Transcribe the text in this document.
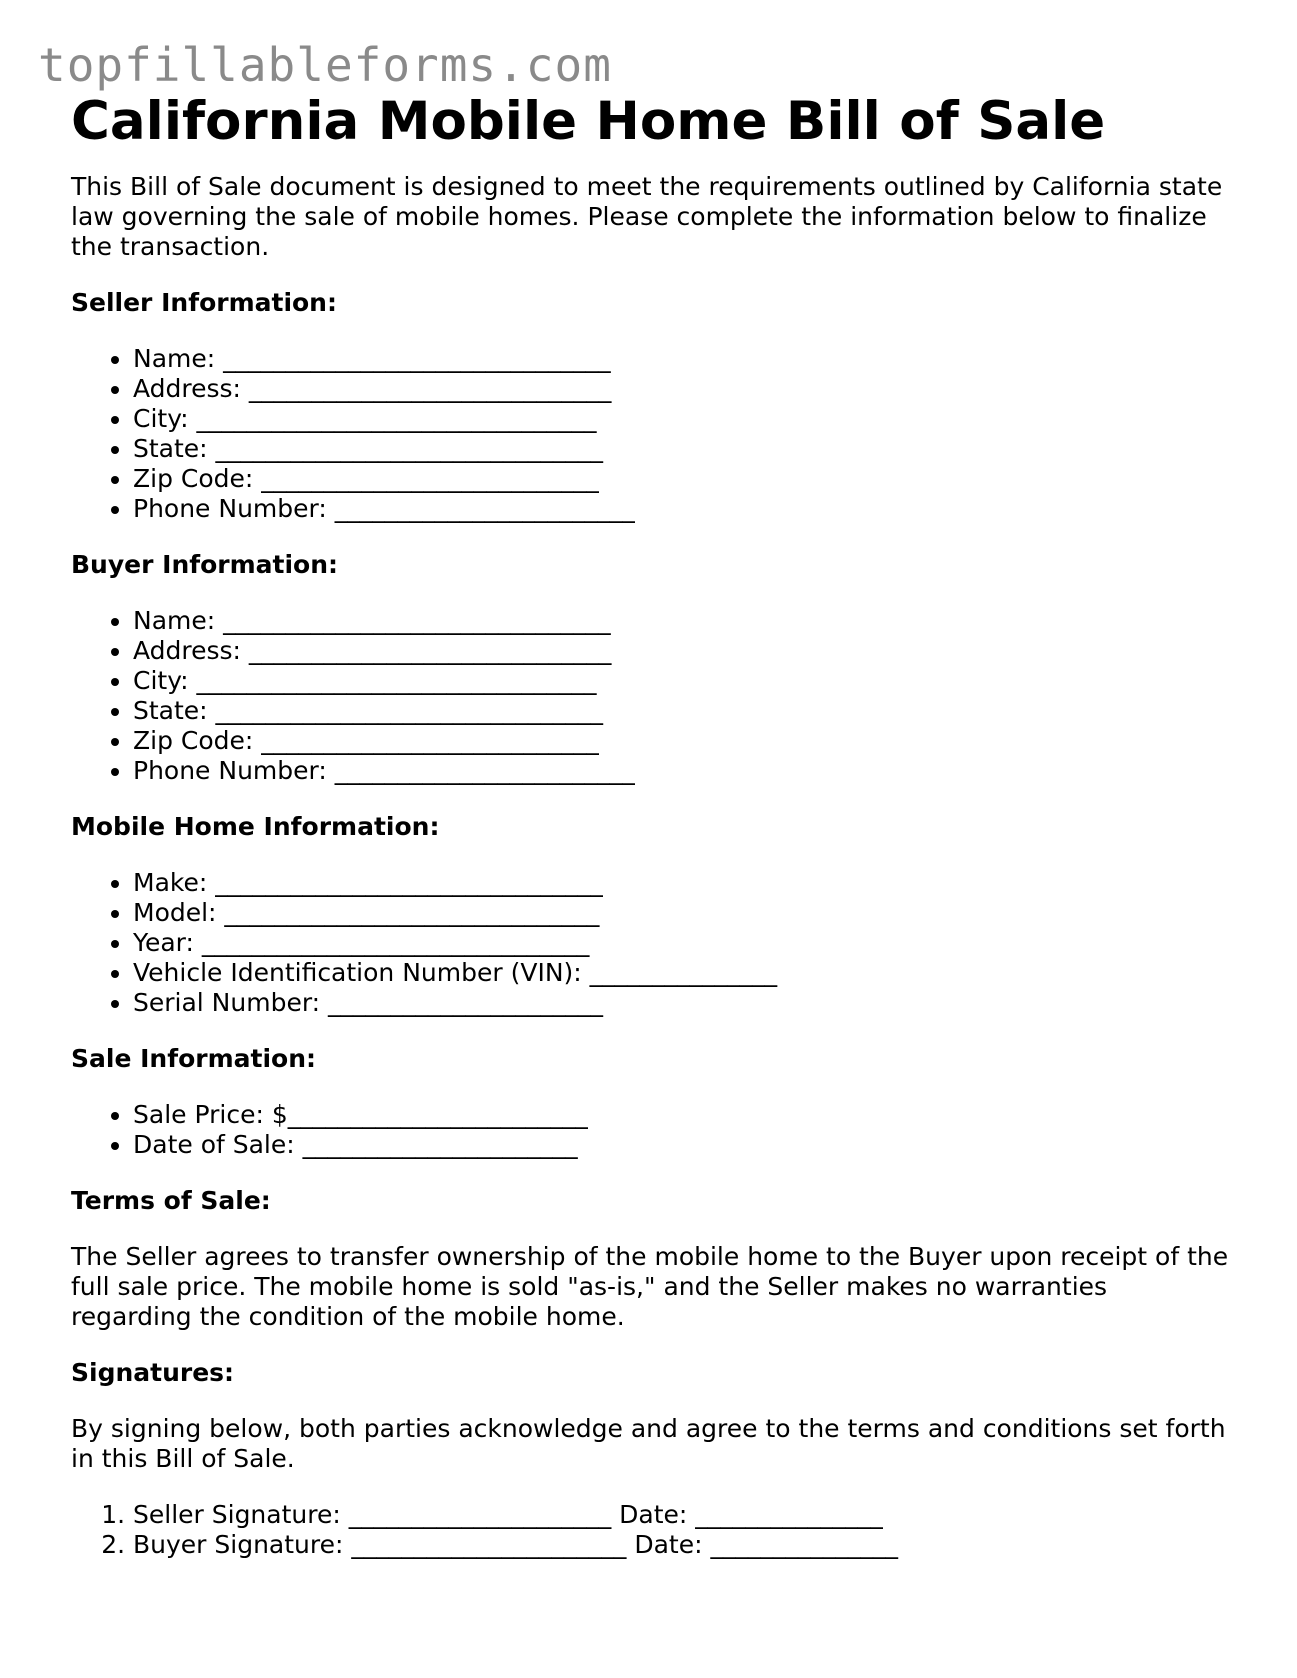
topfillableforms.com
California Mobile Home Bill of Sale

This Bill of Sale document is designed to meet the requirements outlined by California state law governing the sale of mobile homes. Please complete the information below to finalize the transaction.

Seller Information:
• Name: _______________________________
• Address: _____________________________
• City: ________________________________
• State: _______________________________
• Zip Code: ___________________________
• Phone Number: ________________________
Buyer Information:
• Name: _______________________________
• Address: _____________________________
• City: ________________________________
• State: _______________________________
• Zip Code: ___________________________
• Phone Number: ________________________
Mobile Home Information:
• Make: _______________________________
• Model: ______________________________
• Year: _______________________________
• Vehicle Identification Number (VIN): _______________
• Serial Number: ______________________
Sale Information:
• Sale Price: $________________________
• Date of Sale: ______________________
Terms of Sale:

The Seller agrees to transfer ownership of the mobile home to the Buyer upon receipt of the full sale price. The mobile home is sold "as-is," and the Seller makes no warranties regarding the condition of the mobile home.

Signatures:

By signing below, both parties acknowledge and agree to the terms and conditions set forth in this Bill of Sale.

1. Seller Signature: _____________________ Date: _______________
2. Buyer Signature: ______________________ Date: _______________
